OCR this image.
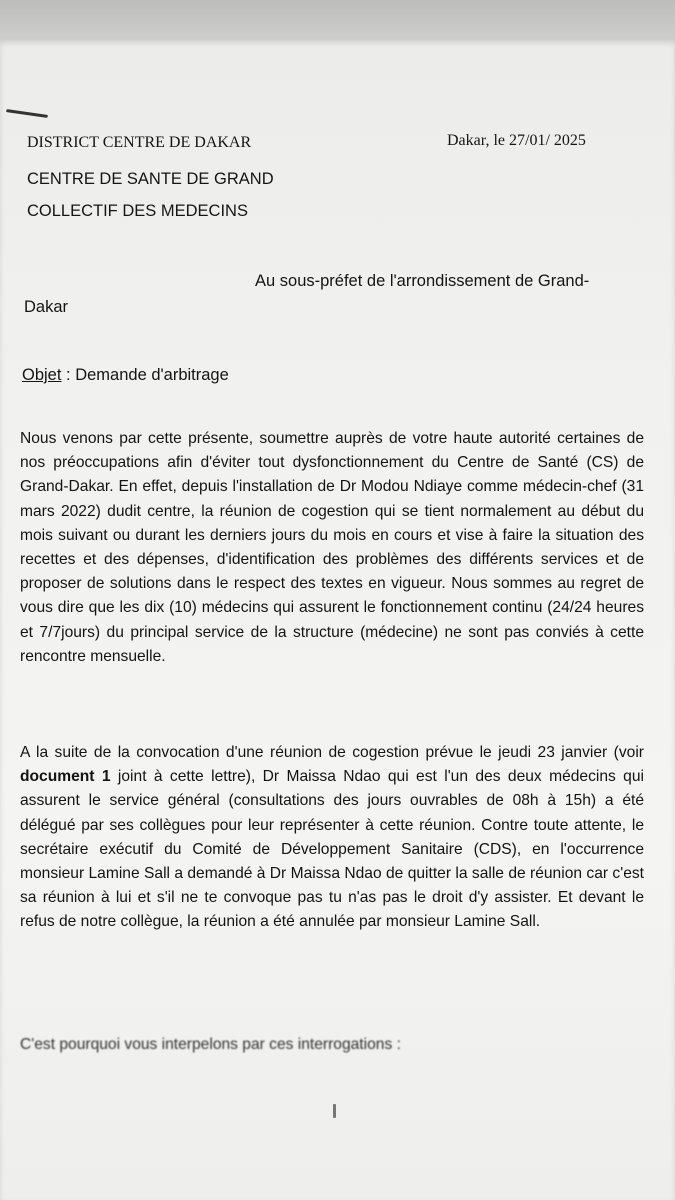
DISTRICT CENTRE DE DAKAR
CENTRE DE SANTE DE GRAND
COLLECTIF DES MEDECINS
Dakar, le 27/01/ 2025
Au sous-préfet de l'arrondissement de Grand-
Dakar
Objet : Demande d'arbitrage
Nous venons par cette présente, soumettre auprès de votre haute autorité certaines de nos préoccupations afin d'éviter tout dysfonctionnement du Centre de Santé (CS) de Grand-Dakar. En effet, depuis l'installation de Dr Modou Ndiaye comme médecin-chef (31 mars 2022) dudit centre, la réunion de cogestion qui se tient normalement au début du mois suivant ou durant les derniers jours du mois en cours et vise à faire la situation des recettes et des dépenses, d'identification des problèmes des différents services et de proposer de solutions dans le respect des textes en vigueur. Nous sommes au regret de vous dire que les dix (10) médecins qui assurent le fonctionnement continu (24/24 heures et 7/7jours) du principal service de la structure (médecine) ne sont pas conviés à cette rencontre mensuelle.
A la suite de la convocation d'une réunion de cogestion prévue le jeudi 23 janvier (voir document 1 joint à cette lettre), Dr Maissa Ndao qui est l'un des deux médecins qui assurent le service général (consultations des jours ouvrables de 08h à 15h) a été délégué par ses collègues pour leur représenter à cette réunion. Contre toute attente, le secrétaire exécutif du Comité de Développement Sanitaire (CDS), en l'occurrence monsieur Lamine Sall a demandé à Dr Maissa Ndao de quitter la salle de réunion car c'est sa réunion à lui et s'il ne te convoque pas tu n'as pas le droit d'y assister. Et devant le refus de notre collègue, la réunion a été annulée par monsieur Lamine Sall.
C'est pourquoi vous interpelons par ces interrogations :
